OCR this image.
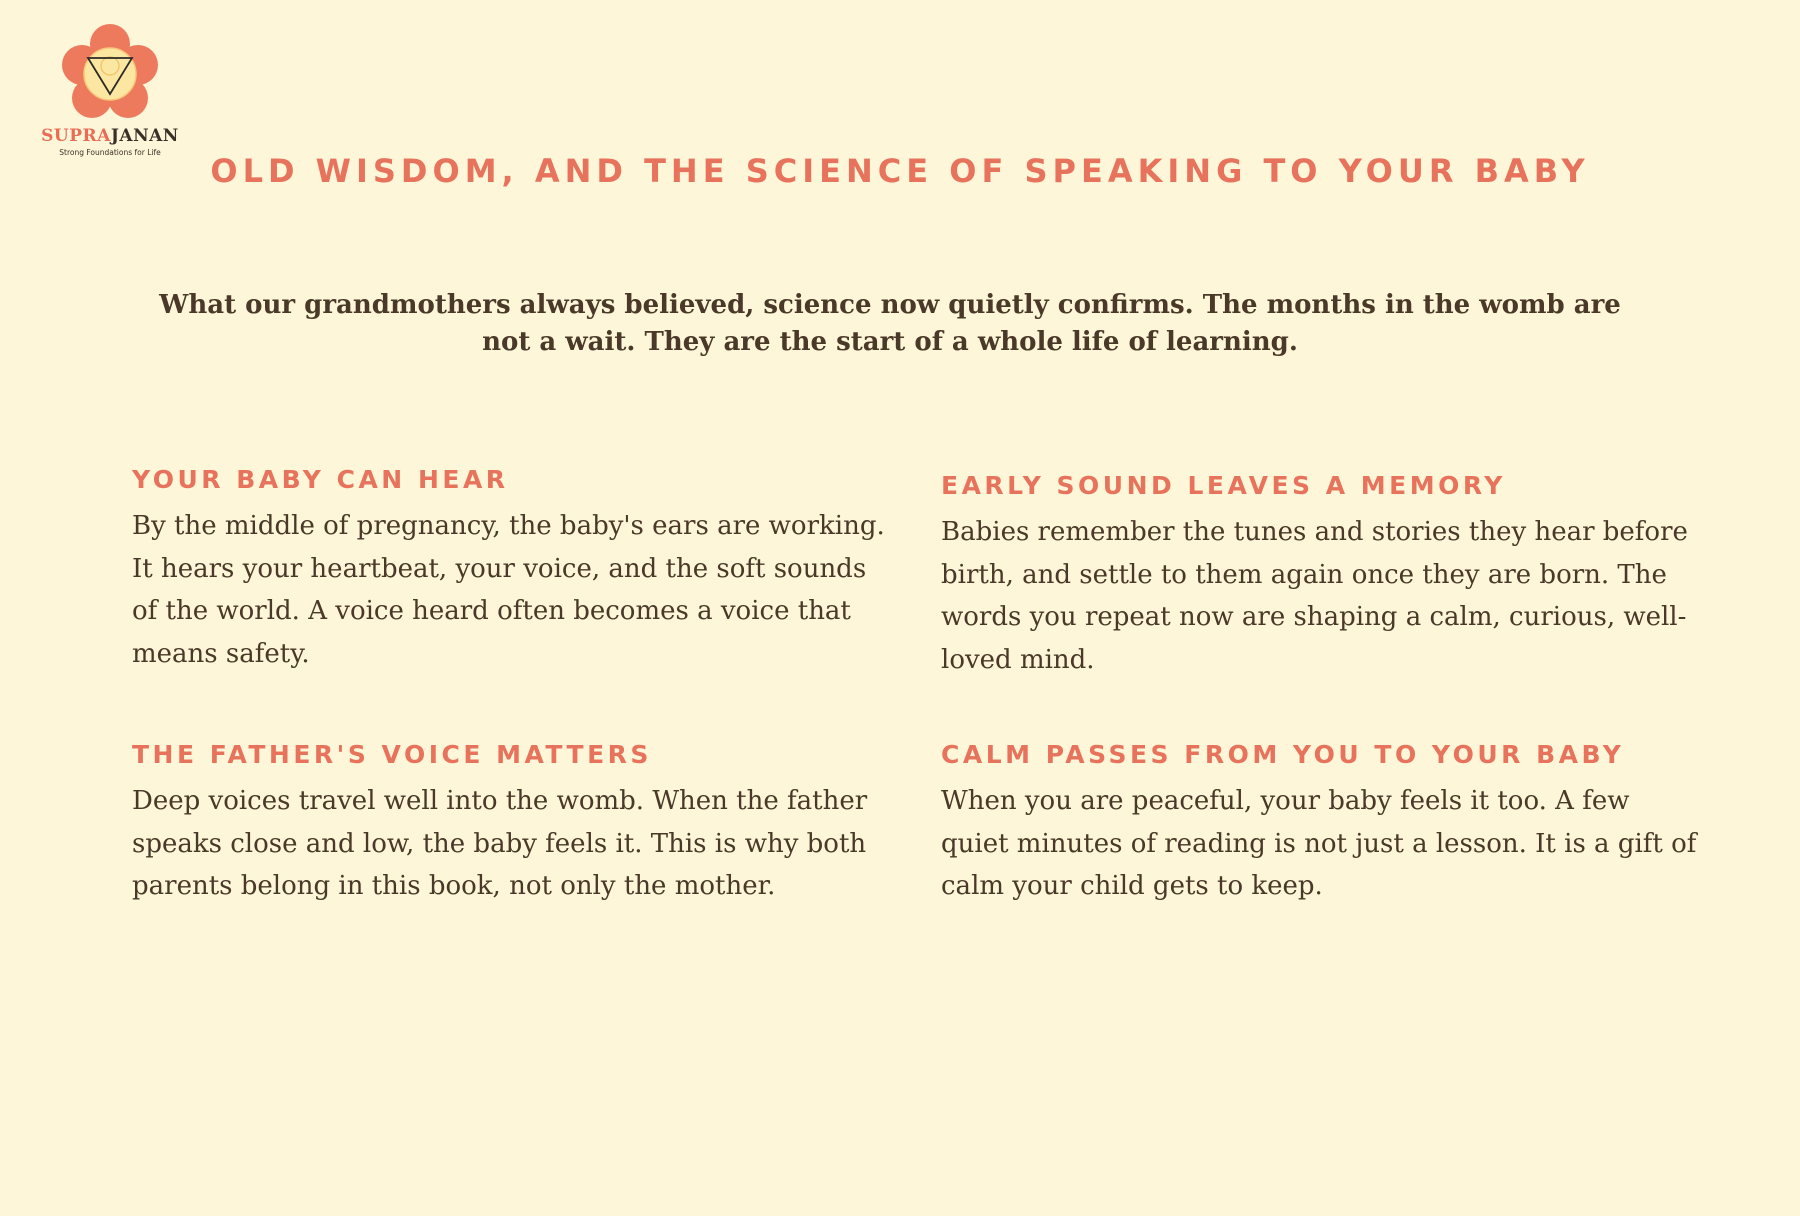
SUPRAJANAN
Strong Foundations for Life	OLD WISDOM, AND THE SCIENCE OF SPEAKING TO YOUR BABY

What our grandmothers always believed, science now quietly confirms. The months in the womb are not a wait. They are the start of a whole life of learning.

YOUR BABY CAN HEAR

By the middle of pregnancy, the baby's ears are working. It hears your heartbeat, your voice, and the soft sounds of the world. A voice heard often becomes a voice that means safety.

EARLY SOUND LEAVES A MEMORY

Babies remember the tunes and stories they hear before birth, and settle to them again once they are born. The words you repeat now are shaping a calm, curious, well-loved mind.

THE FATHER'S VOICE MATTERS

Deep voices travel well into the womb. When the father speaks close and low, the baby feels it. This is why both parents belong in this book, not only the mother.

CALM PASSES FROM YOU TO YOUR BABY

When you are peaceful, your baby feels it too. A few quiet minutes of reading is not just a lesson. It is a gift of calm your child gets to keep.
